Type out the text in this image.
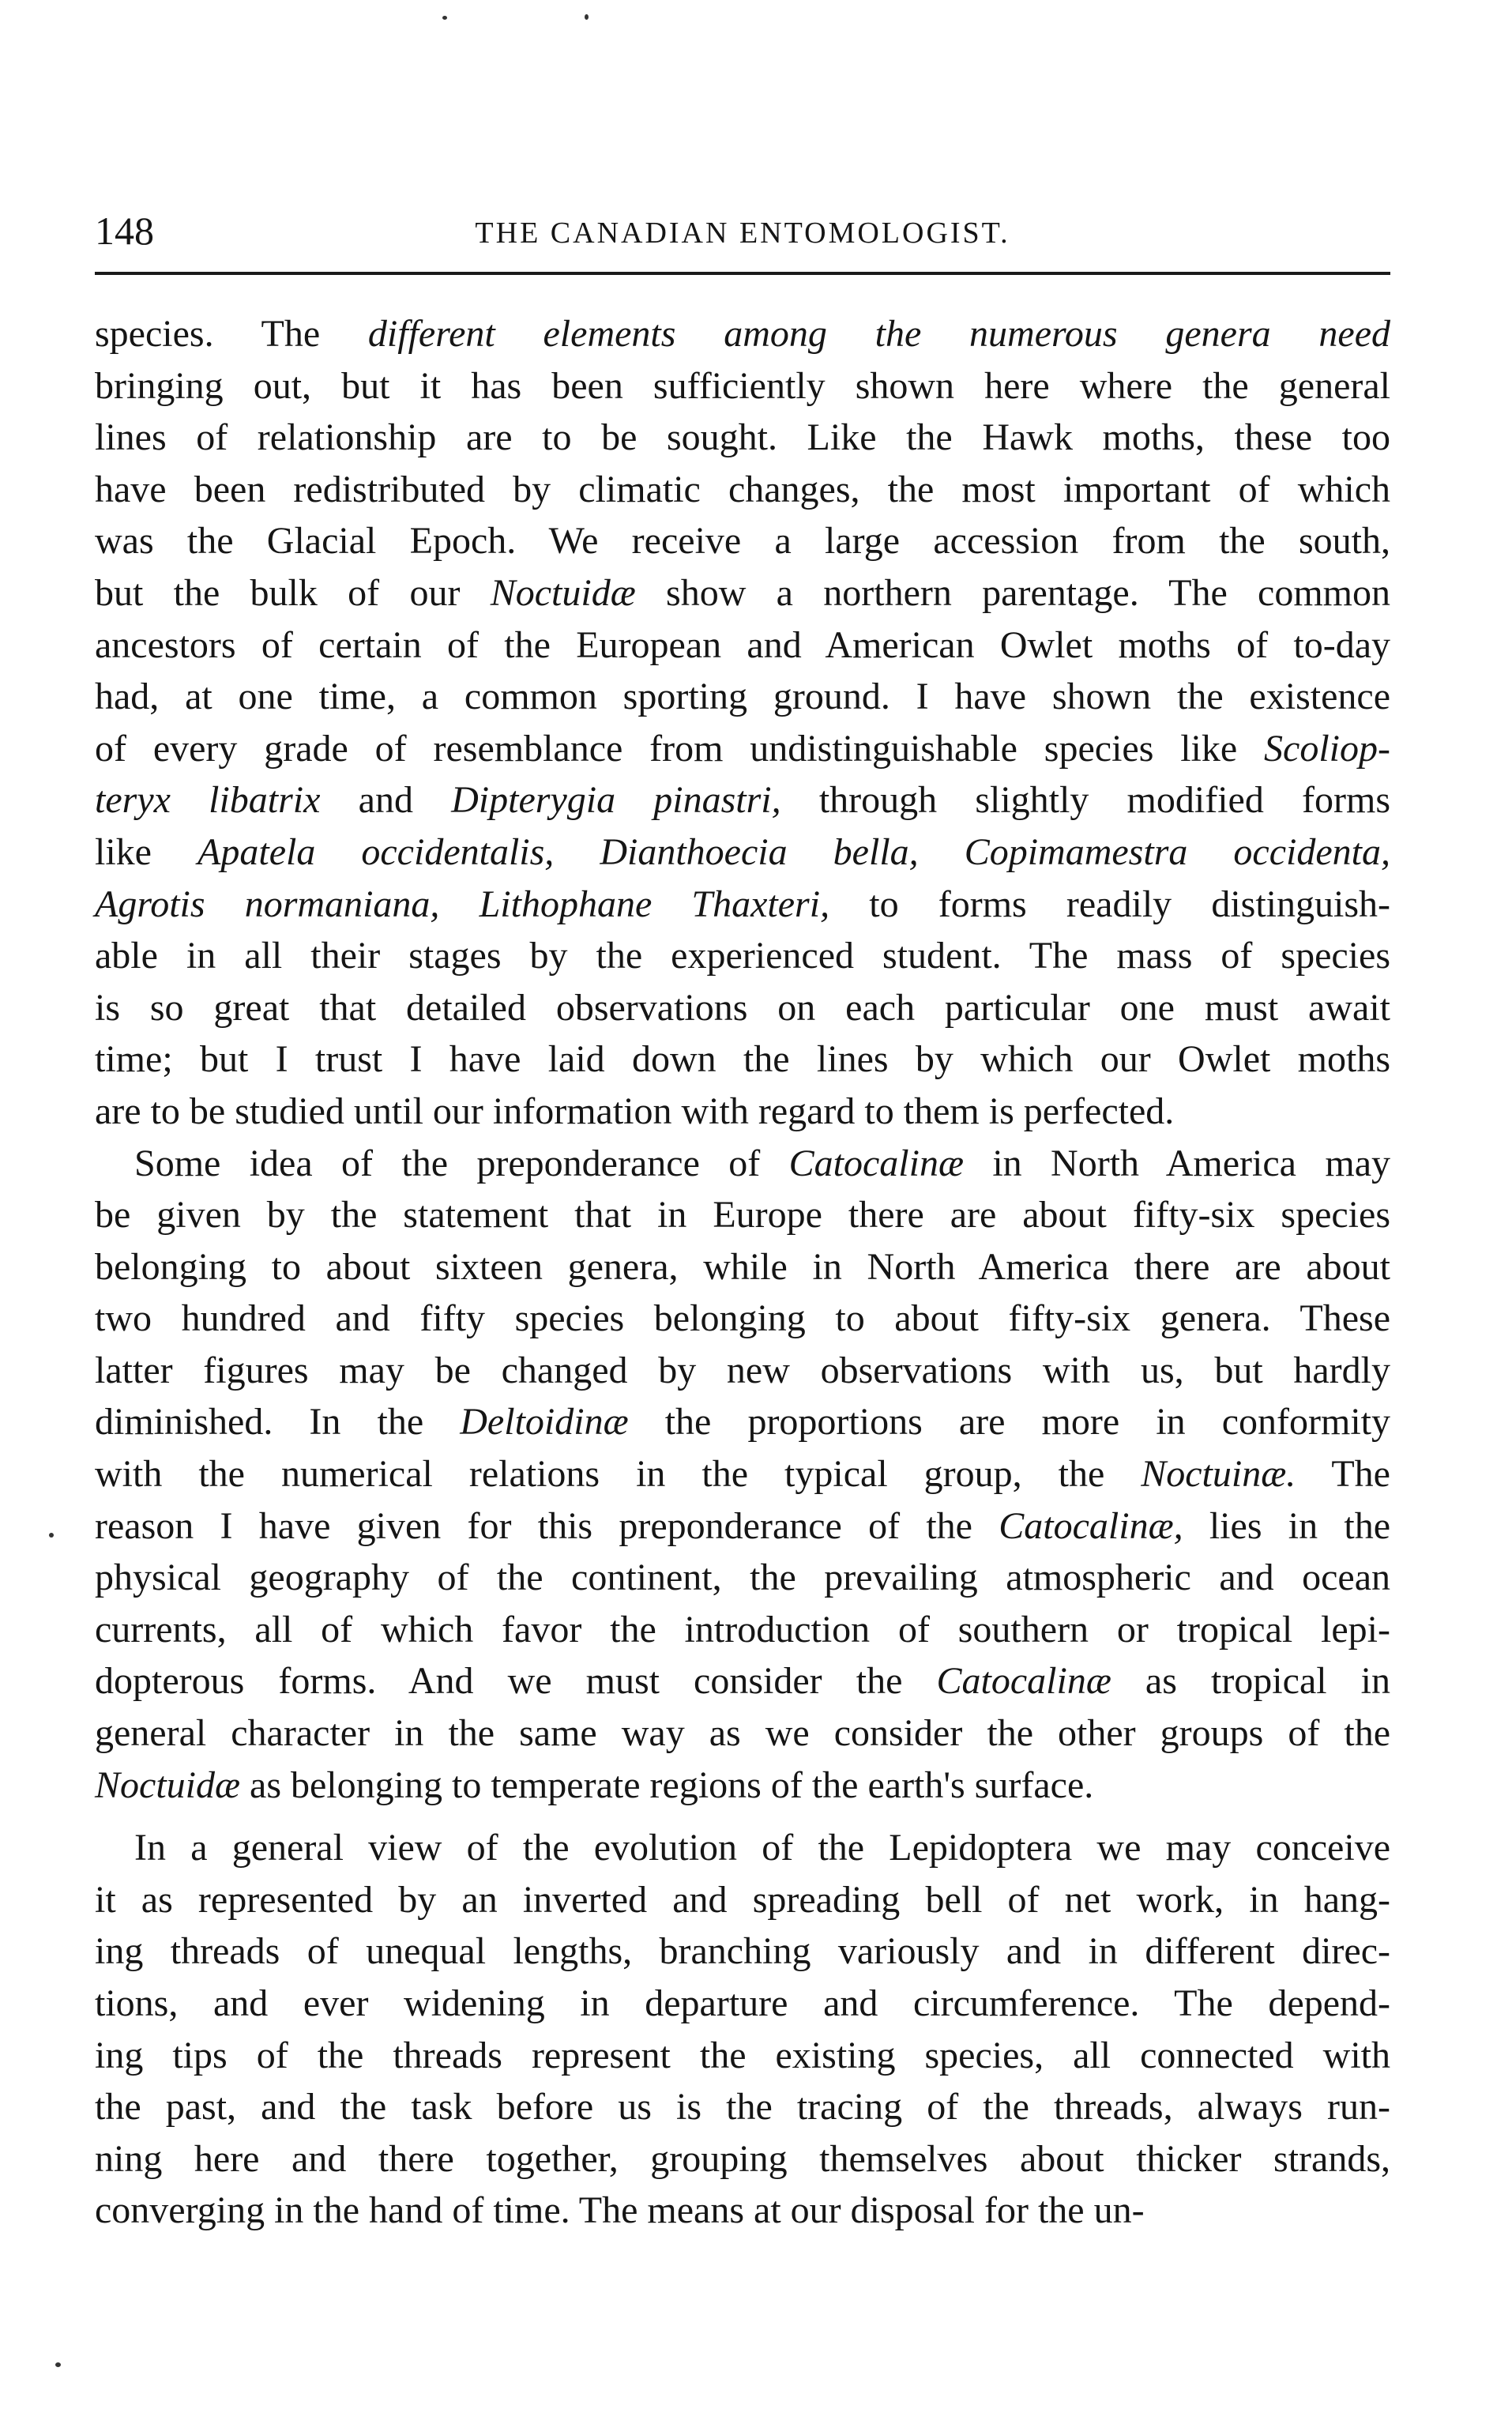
148	THE CANADIAN ENTOMOLOGIST.
species. The different elements among the numerous genera need
bringing out, but it has been sufficiently shown here where the general
lines of relationship are to be sought. Like the Hawk moths, these too
have been redistributed by climatic changes, the most important of which
was the Glacial Epoch. We receive a large accession from the south,
but the bulk of our Noctuidæ show a northern parentage. The common
ancestors of certain of the European and American Owlet moths of to-day
had, at one time, a common sporting ground. I have shown the existence
of every grade of resemblance from undistinguishable species like Scoliop-
teryx libatrix and Dipterygia pinastri, through slightly modified forms
like Apatela occidentalis, Dianthoecia bella, Copimamestra occidenta,
Agrotis normaniana, Lithophane Thaxteri, to forms readily distinguish-
able in all their stages by the experienced student. The mass of species
is so great that detailed observations on each particular one must await
time; but I trust I have laid down the lines by which our Owlet moths
are to be studied until our information with regard to them is perfected.
Some idea of the preponderance of Catocalinæ in North America may
be given by the statement that in Europe there are about fifty-six species
belonging to about sixteen genera, while in North America there are about
two hundred and fifty species belonging to about fifty-six genera. These
latter figures may be changed by new observations with us, but hardly
diminished. In the Deltoidinæ the proportions are more in conformity
with the numerical relations in the typical group, the Noctuinæ. The
reason I have given for this preponderance of the Catocalinæ, lies in the
physical geography of the continent, the prevailing atmospheric and ocean
currents, all of which favor the introduction of southern or tropical lepi-
dopterous forms. And we must consider the Catocalinæ as tropical in
general character in the same way as we consider the other groups of the
Noctuidæ as belonging to temperate regions of the earth's surface.
In a general view of the evolution of the Lepidoptera we may conceive
it as represented by an inverted and spreading bell of net work, in hang-
ing threads of unequal lengths, branching variously and in different direc-
tions, and ever widening in departure and circumference. The depend-
ing tips of the threads represent the existing species, all connected with
the past, and the task before us is the tracing of the threads, always run-
ning here and there together, grouping themselves about thicker strands,
converging in the hand of time. The means at our disposal for the un-
